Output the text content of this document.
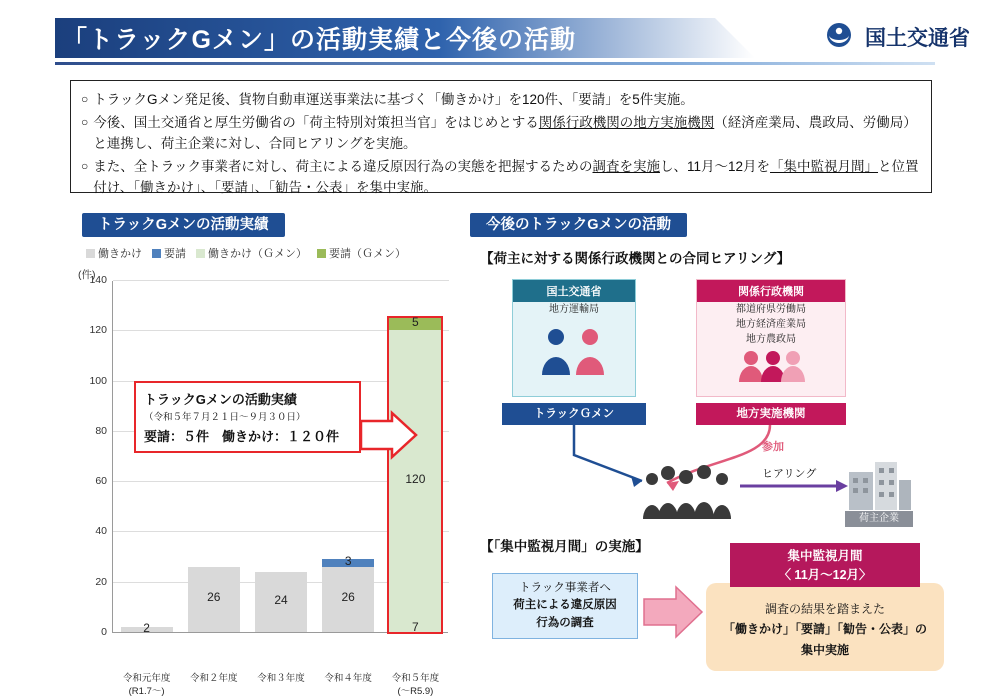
「トラックGメン」の活動実績と今後の活動	国土交通省
○ トラックGメン発足後、貨物自動車運送事業法に基づく「働きかけ」を120件、「要請」を5件実施。
○ 今後、国土交通省と厚生労働省の「荷主特別対策担当官」をはじめとする関係行政機関の地方実施機関（経済産業局、農政局、労働局）と連携し、荷主企業に対し、合同ヒアリングを実施。
○ また、全トラック事業者に対し、荷主による違反原因行為の実態を把握するための調査を実施し、11月～12月を「集中監視月間」と位置付け、「働きかけ」、「要請」、「勧告・公表」を集中実施。
トラックGメンの活動実績	今後のトラックGメンの活動
働きかけ	要請	働きかけ（Ｇメン）	要請（Ｇメン）
(件)
0
20
40
60
80
100
120
140
2
令和元年度
(R1.7～)
26
令和２年度
24
令和３年度
26
3
令和４年度
120
5
7
令和５年度
(～R5.9)
トラックGメンの活動実績
（令和５年７月２１日～９月３０日）
要請：５件　働きかけ：１２０件
【荷主に対する関係行政機関との合同ヒアリング】
【「集中監視月間」の実施】
国土交通省
地方運輸局
関係行政機関
都道府県労働局
地方経済産業局
地方農政局
トラックＧメン	地方実施機関
参加
ヒアリング
荷主企業
トラック事業者へ
荷主による違反原因
行為の調査
調査の結果を踏まえた
「働きかけ」「要請」「勧告・公表」の
集中実施
集中監視月間
〈 11月～12月〉
